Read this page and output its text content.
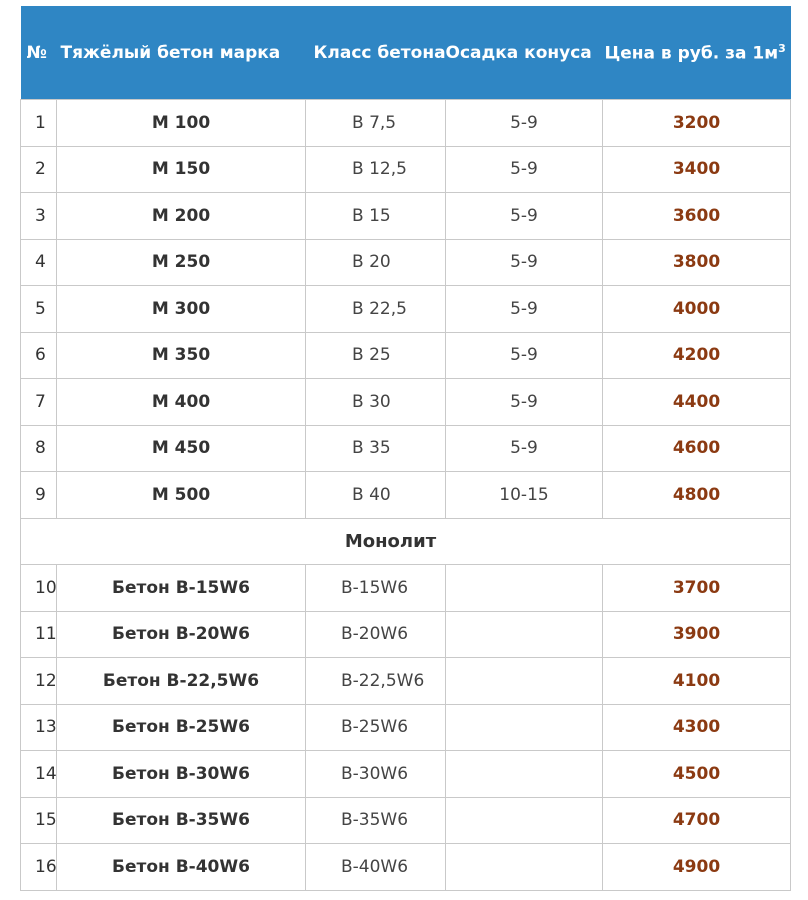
№	Тяжёлый бетон марка	Класс бетона	Осадка конуса	Цена в руб. за $1м^3$
1	М 100	В 7,5	5-9	3200
2	М 150	В 12,5	5-9	3400
3	М 200	В 15	5-9	3600
4	М 250	В 20	5-9	3800
5	М 300	В 22,5	5-9	4000
6	М 350	В 25	5-9	4200
7	М 400	В 30	5-9	4400
8	М 450	В 35	5-9	4600
9	М 500	В 40	10-15	4800
Монолит				
10	Бетон В-15W6	В-15W6		3700
11	Бетон В-20W6	В-20W6		3900
12	Бетон В-22,5W6	В-22,5W6		4100
13	Бетон В-25W6	В-25W6		4300
14	Бетон В-30W6	В-30W6		4500
15	Бетон В-35W6	В-35W6		4700
16	Бетон В-40W6	В-40W6		4900
